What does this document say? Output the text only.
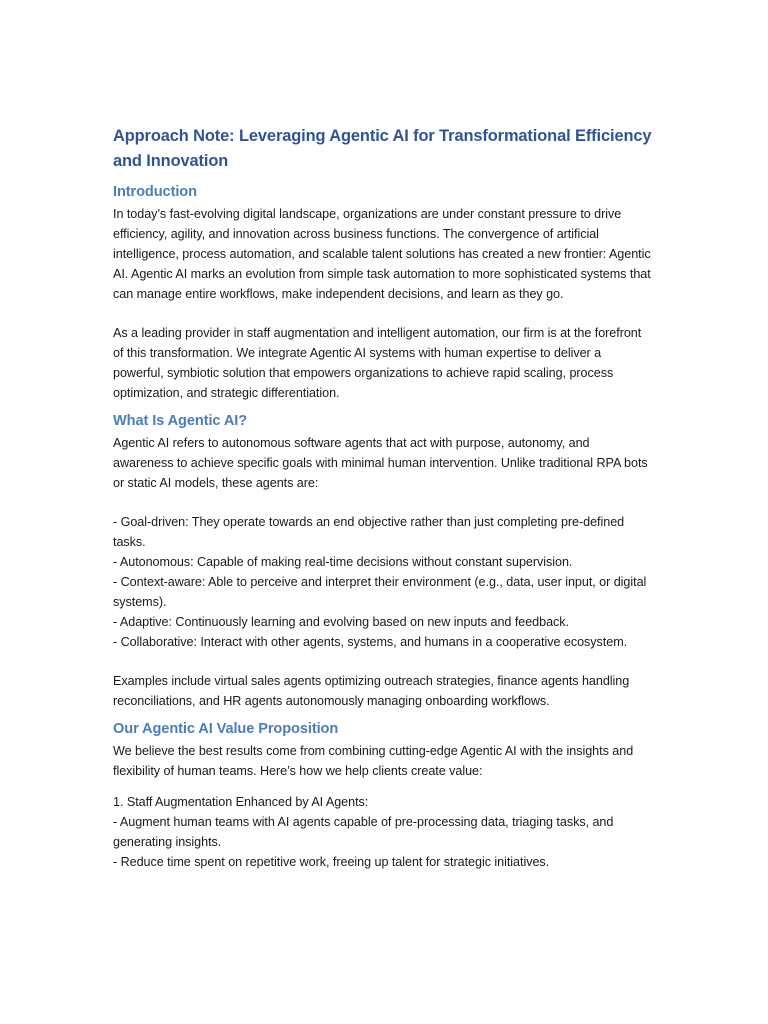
Approach Note: Leveraging Agentic AI for Transformational Efficiency and Innovation
Introduction

In today’s fast-evolving digital landscape, organizations are under constant pressure to drive efficiency, agility, and innovation across business functions. The convergence of artificial intelligence, process automation, and scalable talent solutions has created a new frontier: Agentic AI. Agentic AI marks an evolution from simple task automation to more sophisticated systems that can manage entire workflows, make independent decisions, and learn as they go.

As a leading provider in staff augmentation and intelligent automation, our firm is at the forefront of this transformation. We integrate Agentic AI systems with human expertise to deliver a powerful, symbiotic solution that empowers organizations to achieve rapid scaling, process optimization, and strategic differentiation.

What Is Agentic AI?

Agentic AI refers to autonomous software agents that act with purpose, autonomy, and awareness to achieve specific goals with minimal human intervention. Unlike traditional RPA bots or static AI models, these agents are:

- Goal-driven: They operate towards an end objective rather than just completing pre-defined tasks.
- Autonomous: Capable of making real-time decisions without constant supervision.
- Context-aware: Able to perceive and interpret their environment (e.g., data, user input, or digital systems).
- Adaptive: Continuously learning and evolving based on new inputs and feedback.
- Collaborative: Interact with other agents, systems, and humans in a cooperative ecosystem.

Examples include virtual sales agents optimizing outreach strategies, finance agents handling reconciliations, and HR agents autonomously managing onboarding workflows.

Our Agentic AI Value Proposition

We believe the best results come from combining cutting-edge Agentic AI with the insights and flexibility of human teams. Here’s how we help clients create value:

1. Staff Augmentation Enhanced by AI Agents:

- Augment human teams with AI agents capable of pre-processing data, triaging tasks, and generating insights.
- Reduce time spent on repetitive work, freeing up talent for strategic initiatives.
